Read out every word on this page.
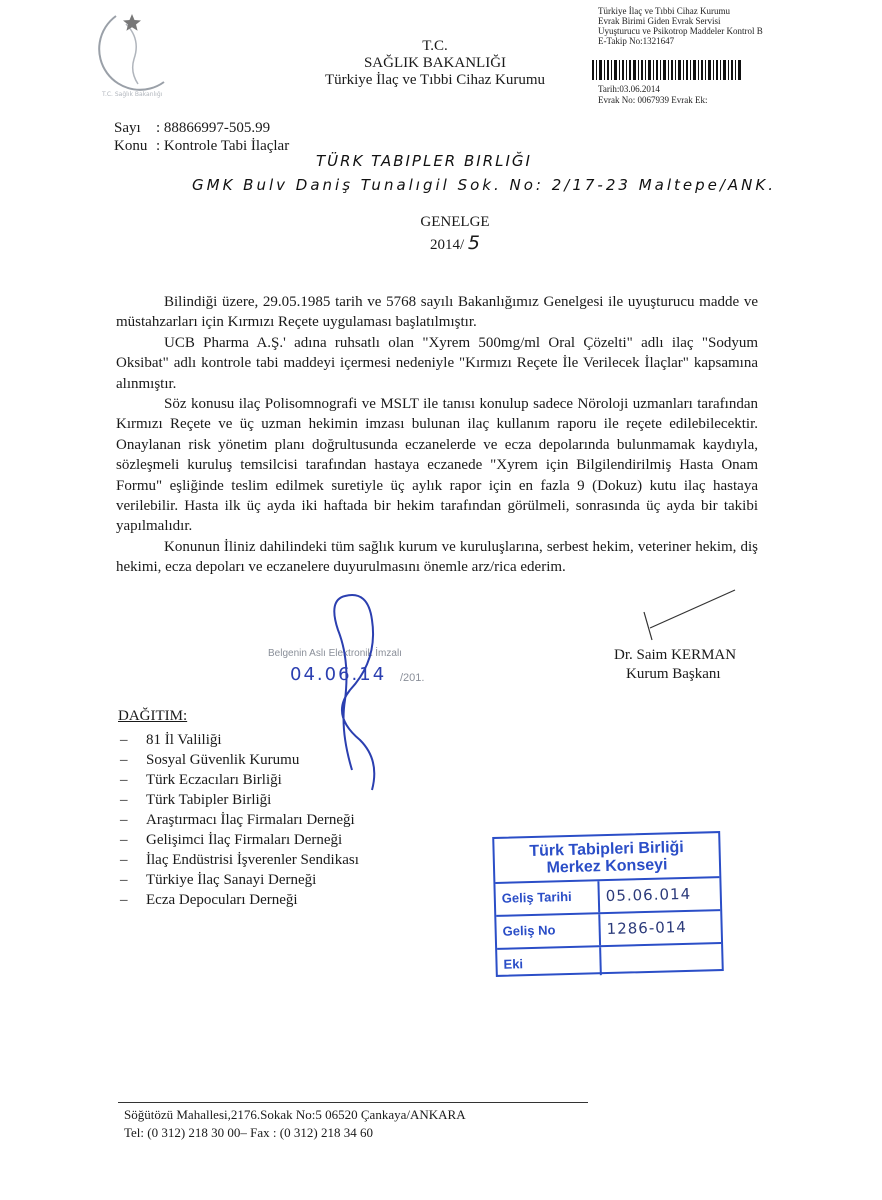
T.C. Sağlık Bakanlığı
T.C.
SAĞLIK BAKANLIĞI
Türkiye İlaç ve Tıbbi Cihaz Kurumu
Türkiye İlaç ve Tıbbi Cihaz Kurumu
Evrak Birimi Giden Evrak Servisi
Uyuşturucu ve Psikotrop Maddeler Kontrol B
E-Takip No:1321647
Tarih:03.06.2014
Evrak No: 0067939 Evrak Ek:
Sayı	: 88866997-505.99
Konu : Kontrole Tabi İlaçlar
TÜRK TABIPLER BIRLIĞI
GMK Bulv Daniş Tunalıgil Sok. No: 2/17-23 Maltepe/ANK.
GENELGE
2014/ 5

Bilindiği üzere, 29.05.1985 tarih ve 5768 sayılı Bakanlığımız Genelgesi ile uyuşturucu madde ve müstahzarları için Kırmızı Reçete uygulaması başlatılmıştır.

UCB Pharma A.Ş.' adına ruhsatlı olan "Xyrem 500mg/ml Oral Çözelti" adlı ilaç "Sodyum Oksibat" adlı kontrole tabi maddeyi içermesi nedeniyle "Kırmızı Reçete İle Verilecek İlaçlar" kapsamına alınmıştır.

Söz konusu ilaç Polisomnografi ve MSLT ile tanısı konulup sadece Nöroloji uzmanları tarafından Kırmızı Reçete ve üç uzman hekimin imzası bulunan ilaç kullanım raporu ile reçete edilebilecektir. Onaylanan risk yönetim planı doğrultusunda eczanelerde ve ecza depolarında bulunmamak kaydıyla, sözleşmeli kuruluş temsilcisi tarafından hastaya eczanede "Xyrem için Bilgilendirilmiş Hasta Onam Formu" eşliğinde teslim edilmek suretiyle üç aylık rapor için en fazla 9 (Dokuz) kutu ilaç hastaya verilebilir. Hasta ilk üç ayda iki haftada bir hekim tarafından görülmeli, sonrasında üç ayda bir takibi yapılmalıdır.

Konunun İliniz dahilindeki tüm sağlık kurum ve kuruluşlarına, serbest hekim, veteriner hekim, diş hekimi, ecza depoları ve eczanelere duyurulmasını önemle arz/rica ederim.

Belgenin Aslı Elektronik İmzalı
04.06.14 /201.
Dr. Saim KERMAN
Kurum Başkanı
DAĞITIM:
– 81 İl Valiliği
– Sosyal Güvenlik Kurumu
– Türk Eczacıları Birliği
– Türk Tabipler Birliği
– Araştırmacı İlaç Firmaları Derneği
– Gelişimci İlaç Firmaları Derneği
– İlaç Endüstrisi İşverenler Sendikası
– Türkiye İlaç Sanayi Derneği
– Ecza Depocuları Derneği
Türk Tabipleri Birliği
Merkez Konseyi
Geliş Tarihi	05.06.014
Geliş No	1286-014
Eki
Söğütözü Mahallesi,2176.Sokak No:5 06520 Çankaya/ANKARA
Tel: (0 312) 218 30 00– Fax : (0 312) 218 34 60
